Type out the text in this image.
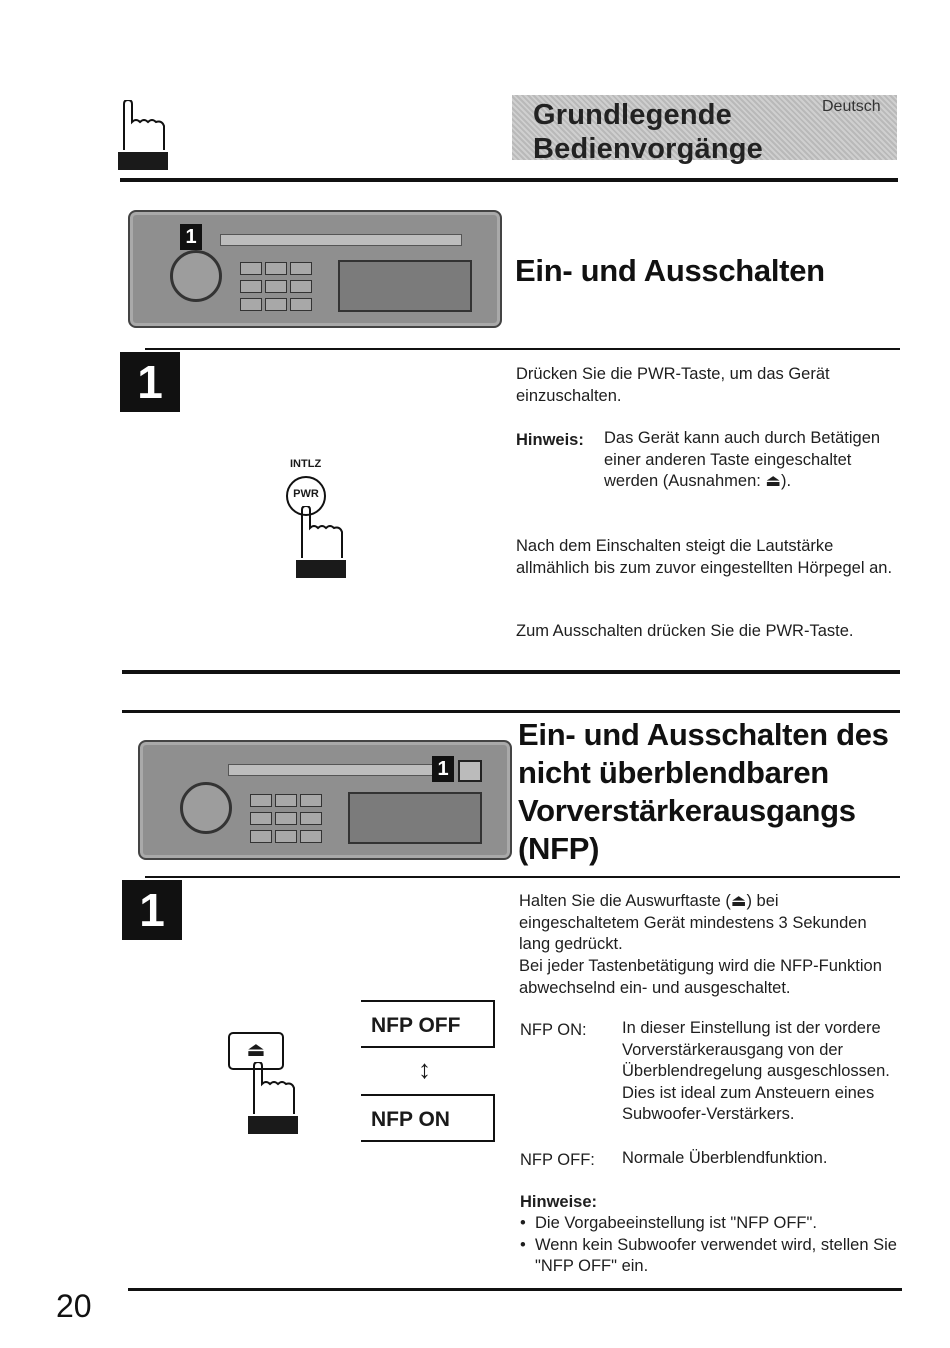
Grundlegende
Bedienvorgänge
Deutsch
1
Ein- und Ausschalten
1
INTLZ
PWR
Drücken Sie die PWR-Taste, um das Gerät einzuschalten.
Hinweis: Das Gerät kann auch durch Betätigen einer anderen Taste eingeschaltet werden (Ausnahmen: ⏏).
Nach dem Einschalten steigt die Lautstärke allmählich bis zum zuvor eingestellten Hörpegel an.
Zum Ausschalten drücken Sie die PWR-Taste.
1
Ein- und Ausschalten des
nicht überblendbaren
Vorverstärkerausgangs
(NFP)
1	Halten Sie die Auswurftaste (⏏) bei eingeschaltetem Gerät mindestens 3 Sekunden lang gedrückt.
Bei jeder Tastenbetätigung wird die NFP-Funktion abwechselnd ein- und ausgeschaltet.
⏏
NFP OFF
↕
NFP ON
NFP ON: In dieser Einstellung ist der vordere Vorverstärkerausgang von der Überblendregelung ausgeschlossen. Dies ist ideal zum Ansteuern eines Subwoofer-Verstärkers.
NFP OFF: Normale Überblendfunktion.
Hinweise:
• Die Vorgabeeinstellung ist "NFP OFF".
• Wenn kein Subwoofer verwendet wird, stellen Sie "NFP OFF" ein.
20
